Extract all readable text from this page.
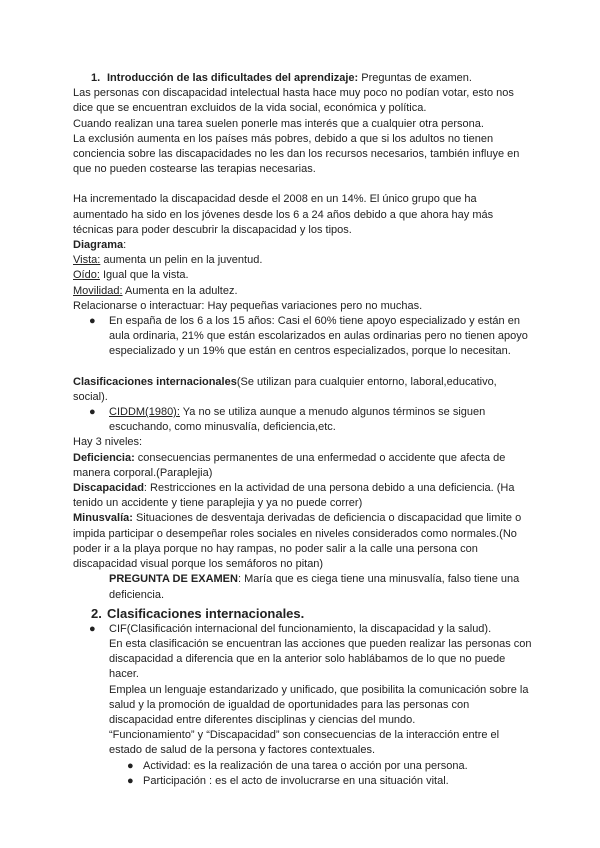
1. Introducción de las dificultades del aprendizaje: Preguntas de examen.

Las personas con discapacidad intelectual hasta hace muy poco no podían votar, esto nos dice que se encuentran excluidos de la vida social, económica y política.

Cuando realizan una tarea suelen ponerle mas interés que a cualquier otra persona.

La exclusión aumenta en los países más pobres, debido a que si los adultos no tienen conciencia sobre las discapacidades no les dan los recursos necesarios, también influye en que no pueden costearse las terapias necesarias.

Ha incrementado la discapacidad desde el 2008 en un 14%. El único grupo que ha aumentado ha sido en los jóvenes desde los 6 a 24 años debido a que ahora hay más técnicas para poder descubrir la discapacidad y los tipos.

Diagrama:

Vista: aumenta un pelin en la juventud.

Oído: Igual que la vista.

Movilidad: Aumenta en la adultez.

Relacionarse o interactuar: Hay pequeñas variaciones pero no muchas.

● En españa de los 6 a los 15 años: Casi el 60% tiene apoyo especializado y están en aula ordinaria, 21% que están escolarizados en aulas ordinarias pero no tienen apoyo especializado y un 19% que están en centros especializados, porque lo necesitan.

Clasificaciones internacionales(Se utilizan para cualquier entorno, laboral,educativo, social).

● CIDDM(1980): Ya no se utiliza aunque a menudo algunos términos se siguen escuchando, como minusvalía, deficiencia,etc.

Hay 3 niveles:

Deficiencia: consecuencias permanentes de una enfermedad o accidente que afecta de manera corporal.(Paraplejia)

Discapacidad: Restricciones en la actividad de una persona debido a una deficiencia. (Ha tenido un accidente y tiene paraplejia y ya no puede correr)

Minusvalía: Situaciones de desventaja derivadas de deficiencia o discapacidad que limite o impida participar o desempeñar roles sociales en niveles considerados como normales.(No poder ir a la playa porque no hay rampas, no poder salir a la calle una persona con discapacidad visual porque los semáforos no pitan)

PREGUNTA DE EXAMEN: María que es ciega tiene una minusvalía, falso tiene una deficiencia.

2. Clasificaciones internacionales.

● CIF(Clasificación internacional del funcionamiento, la discapacidad y la salud).

En esta clasificación se encuentran las acciones que pueden realizar las personas con discapacidad a diferencia que en la anterior solo hablábamos de lo que no puede hacer.

Emplea un lenguaje estandarizado y unificado, que posibilita la comunicación sobre la salud y la promoción de igualdad de oportunidades para las personas con discapacidad entre diferentes disciplinas y ciencias del mundo.

“Funcionamiento” y “Discapacidad” son consecuencias de la interacción entre el estado de salud de la persona y factores contextuales.

● Actividad: es la realización de una tarea o acción por una persona.
● Participación : es el acto de involucrarse en una situación vital.
